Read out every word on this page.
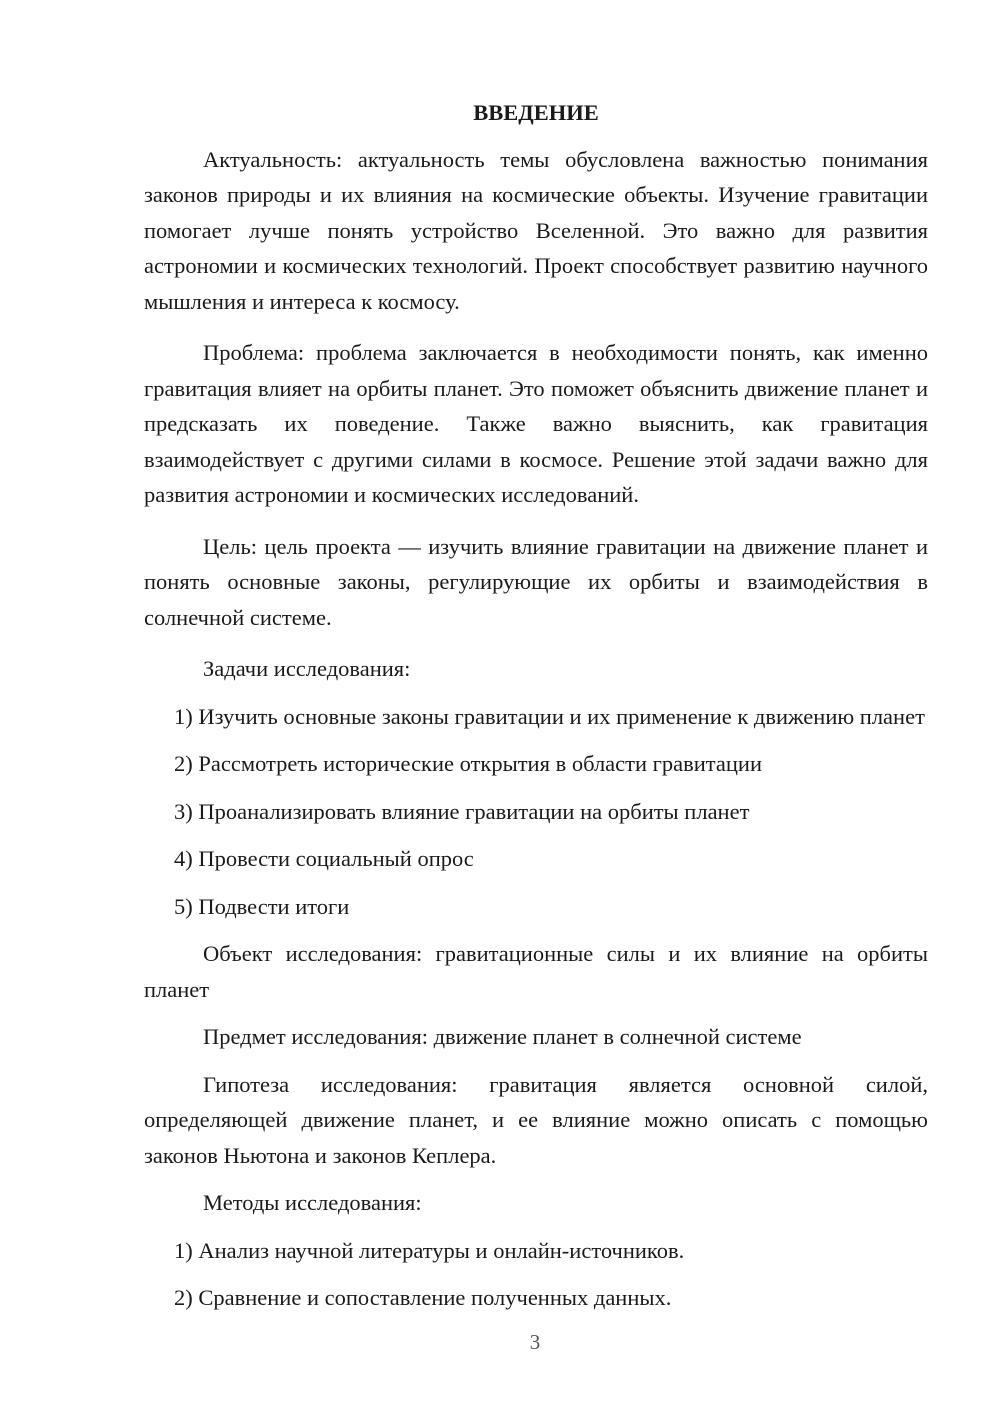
ВВЕДЕНИЕ

Актуальность: актуальность темы обусловлена важностью понимания законов природы и их влияния на космические объекты. Изучение гравитации помогает лучше понять устройство Вселенной. Это важно для развития астрономии и космических технологий. Проект способствует развитию научного мышления и интереса к космосу.

Проблема: проблема заключается в необходимости понять, как именно гравитация влияет на орбиты планет. Это поможет объяснить движение планет и предсказать их поведение. Также важно выяснить, как гравитация взаимодействует с другими силами в космосе. Решение этой задачи важно для развития астрономии и космических исследований.

Цель: цель проекта — изучить влияние гравитации на движение планет и понять основные законы, регулирующие их орбиты и взаимодействия в солнечной системе.

Задачи исследования:

1) Изучить основные законы гравитации и их применение к движению планет

2) Рассмотреть исторические открытия в области гравитации

3) Проанализировать влияние гравитации на орбиты планет

4) Провести социальный опрос

5) Подвести итоги

Объект исследования: гравитационные силы и их влияние на орбиты планет

Предмет исследования: движение планет в солнечной системе

Гипотеза исследования: гравитация является основной силой, определяющей движение планет, и ее влияние можно описать с помощью законов Ньютона и законов Кеплера.

Методы исследования:

1) Анализ научной литературы и онлайн-источников.

2) Сравнение и сопоставление полученных данных.

3
